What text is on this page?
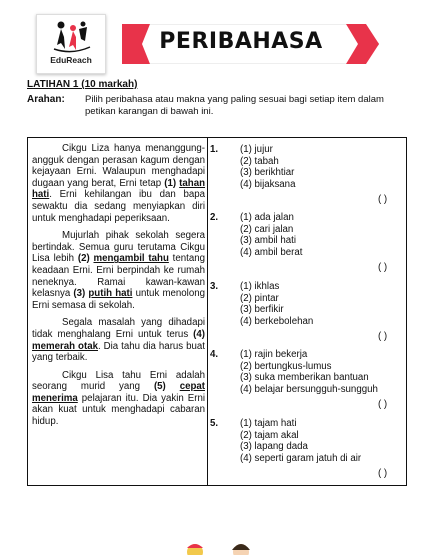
EduReach
PERIBAHASA
LATIHAN 1 (10 markah)
Arahan: Pilih peribahasa atau makna yang paling sesuai bagi setiap item dalam petikan karangan di bawah ini.

Cikgu Liza hanya menanggung-angguk dengan perasan kagum dengan kejayaan Erni. Walaupun menghadapi dugaan yang berat, Erni tetap (1) tahan hati. Erni kehilangan ibu dan bapa sewaktu dia sedang menyiapkan diri untuk menghadapi peperiksaan.

Mujurlah pihak sekolah segera bertindak. Semua guru terutama Cikgu Lisa lebih (2) mengambil tahu tentang keadaan Erni. Erni berpindah ke rumah neneknya. Ramai kawan-kawan kelasnya (3) putih hati untuk menolong Erni semasa di sekolah.

Segala masalah yang dihadapi tidak menghalang Erni untuk terus (4) memerah otak. Dia tahu dia harus buat yang terbaik.

Cikgu Lisa tahu Erni adalah seorang murid yang (5) cepat menerima pelajaran itu. Dia yakin Erni akan kuat untuk menghadapi cabaran hidup.

1. (1) jujur
(2) tabah
(3) berikhtiar
(4) bijaksana
( )
2. (1) ada jalan
(2) cari jalan
(3) ambil hati
(4) ambil berat
( )
3. (1) ikhlas
(2) pintar
(3) berfikir
(4) berkebolehan
( )
4. (1) rajin bekerja
(2) bertungkus-lumus
(3) suka memberikan bantuan
(4) belajar bersungguh-sungguh
( )
5. (1) tajam hati
(2) tajam akal
(3) lapang dada
(4) seperti garam jatuh di air
( )
